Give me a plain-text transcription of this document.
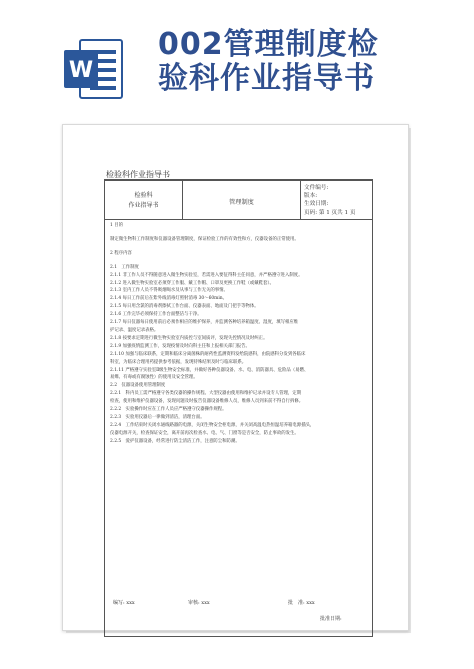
W
002管理制度检
验科作业指导书
检验科作业指导书
检验科
作业指导书	管理制度
文件编号:
版本:
生效日期:
页码: 第 1 页共 1 页

1 目的

制定微生物科工作制度和仪器设备管理制度，保证检验工作的有效性和方，仪器设备的正常使用。

2 程序内容

2.1　工作制度

2.1.1 非工作人员不得随意进入微生物实验室，若需进入要征得科主任同意，并严格遵守进入制度。

2.1.2 进入微生物实验室必须穿工作服、戴工作帽、口罩及更换工作鞋（或戴鞋套）。

2.1.3 室内工作人员不得吸烟喝水及从事与工作无关的事情。

2.1.4 每日工作前后在紫外线消毒灯照射消毒 30～60min。

2.1.5 每日用含氯的消毒剂擦拭工作台面、仪器表面、地面及门把手等物体。

2.1.6 工作完毕必须保持工作台面整洁与干净。

2.1.7 每日仪器每日使用前后必须作相应的维护保养，并监测各种培养箱温度、湿度，填写相应维

护记录、温度记录表格。

2.1.8 按要求定期进行微生物实验室内质控与室间质评，发现失控情况及时纠正。

2.1.9 加强疫情监测工作，发现疫情及时向科主任和上报相关部门报告。

2.1.10 加强与临床联系，定期和临床分离菌株的耐药性监测资料发给院感科，由院感科分发到各临床

科室，为临床合理用药提供参考依据，发现特殊结果及时与临床联系。

2.1.11 严格遵守实验室Ⅱ级生物安全标准，并做好各种仪器设备、水、电、消防器具、危险品（易燃、

易爆、有毒或有腐蚀性）的使用及安全管理。

2.2　仪器设备使用管理制度

2.2.1　科内员工需严格遵守各类仪器的操作规程。大型仪器由使用和维护记录并设专人管理，定期

检查，使用和维护仪器设备，发现问题及时报告仪器设备维修人员，维修人员到来前不得自行拆修。

2.2.2　实验操作时应在工作人员应严格遵守仪器操作规程。

2.2.3　实验用仪器后一律做到清洁，清理台面。

2.2.4　工作结束时关闭水通线路器的电源，关闭生物安全柜电源，并关闭高温电热恒温培养箱电源插头，

仪器电源开关，检查保证安全，离开前再次检查水、电、气、门窗等是否安全，防止事故的发生。

2.2.5　爱护仪器设备，经常进行防尘清洁工作，注意防尘和防潮。

编写: xxx	审核: xxx	批　准: xxx
批准日期:
